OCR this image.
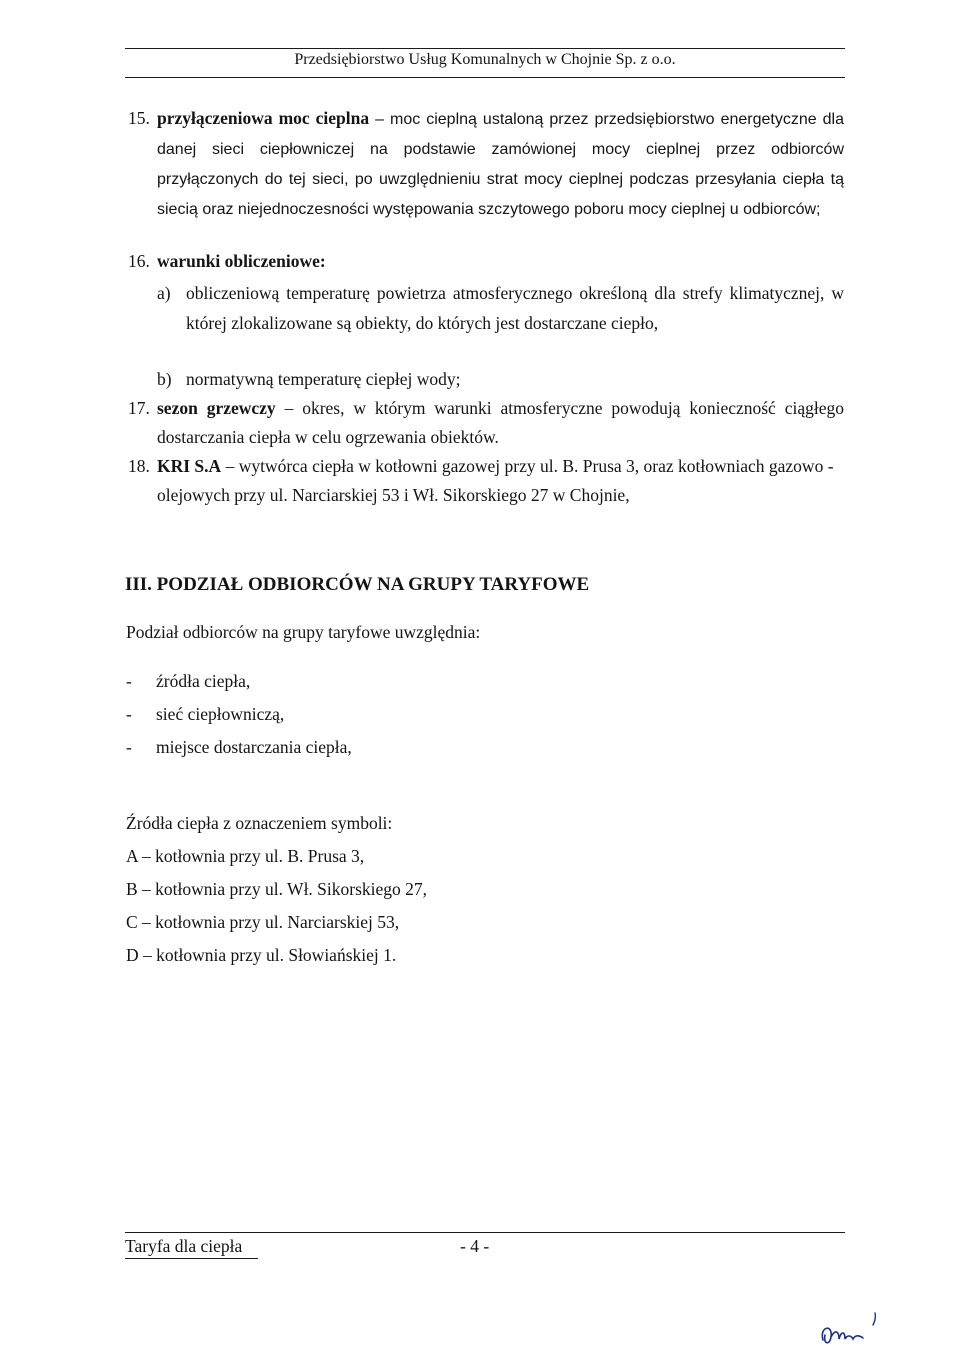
Przedsiębiorstwo Usług Komunalnych w Chojnie Sp. z o.o.
15. przyłączeniowa moc cieplna – moc cieplną ustaloną przez przedsiębiorstwo energetyczne dla danej sieci ciepłowniczej na podstawie zamówionej mocy cieplnej przez odbiorców przyłączonych do tej sieci, po uwzględnieniu strat mocy cieplnej podczas przesyłania ciepła tą siecią oraz niejednoczesności występowania szczytowego poboru mocy cieplnej u odbiorców;
16. warunki obliczeniowe:
a) obliczeniową temperaturę powietrza atmosferycznego określoną dla strefy klimatycznej, w której zlokalizowane są obiekty, do których jest dostarczane ciepło,
b) normatywną temperaturę ciepłej wody;
17. sezon grzewczy – okres, w którym warunki atmosferyczne powodują konieczność ciągłego dostarczania ciepła w celu ogrzewania obiektów.
18. KRI S.A – wytwórca ciepła w kotłowni gazowej przy ul. B. Prusa 3, oraz kotłowniach gazowo - olejowych przy ul. Narciarskiej 53 i Wł. Sikorskiego 27 w Chojnie,
III. PODZIAŁ ODBIORCÓW NA GRUPY TARYFOWE
Podział odbiorców na grupy taryfowe uwzględnia:
- źródła ciepła,
- sieć ciepłowniczą,
- miejsce dostarczania ciepła,
Źródła ciepła z oznaczeniem symboli:
A – kotłownia przy ul. B. Prusa 3,
B – kotłownia przy ul. Wł. Sikorskiego 27,
C – kotłownia przy ul. Narciarskiej 53,
D – kotłownia przy ul. Słowiańskiej 1.
Taryfa dla ciepła	- 4 -
